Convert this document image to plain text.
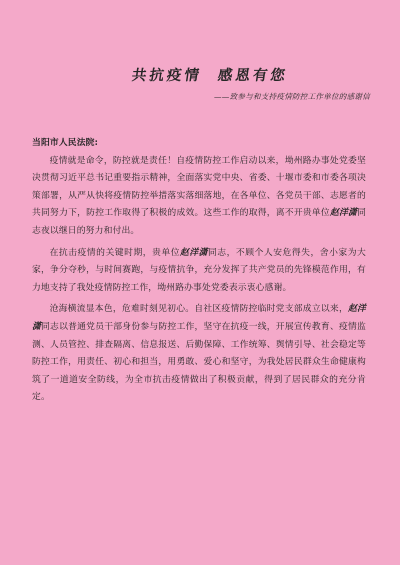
共抗疫情 感恩有您
——致参与和支持疫情防控工作单位的感谢信
当阳市人民法院:

疫情就是命令，防控就是责任！自疫情防控工作启动以来，坳州路办事处党委坚决贯彻习近平总书记重要指示精神，全面落实党中央、省委、十堰市委和市委各项决策部署，从严从快将疫情防控举措落实落细落地，在各单位、各党员干部、志愿者的共同努力下，防控工作取得了积极的成效。这些工作的取得，离不开贵单位赵洋潇同志夜以继日的努力和付出。

在抗击疫情的关键时期，贵单位赵洋潇同志，不顾个人安危得失，舍小家为大家，争分夺秒，与时间赛跑，与疫情抗争，充分发挥了共产党员的先锋模范作用，有力地支持了我处疫情防控工作，坳州路办事处党委表示衷心感谢。

沧海横流显本色，危难时刻见初心。自社区疫情防控临时党支部成立以来，赵洋潇同志以普通党员干部身份参与防控工作，坚守在抗疫一线，开展宣传教育、疫情监测、人员管控、排查隔离、信息报送、后勤保障、工作统筹、舆情引导、社会稳定等防控工作，用责任、初心和担当，用勇敢、爱心和坚守，为我处居民群众生命健康构筑了一道道安全防线，为全市抗击疫情做出了积极贡献，得到了居民群众的充分肯定。
